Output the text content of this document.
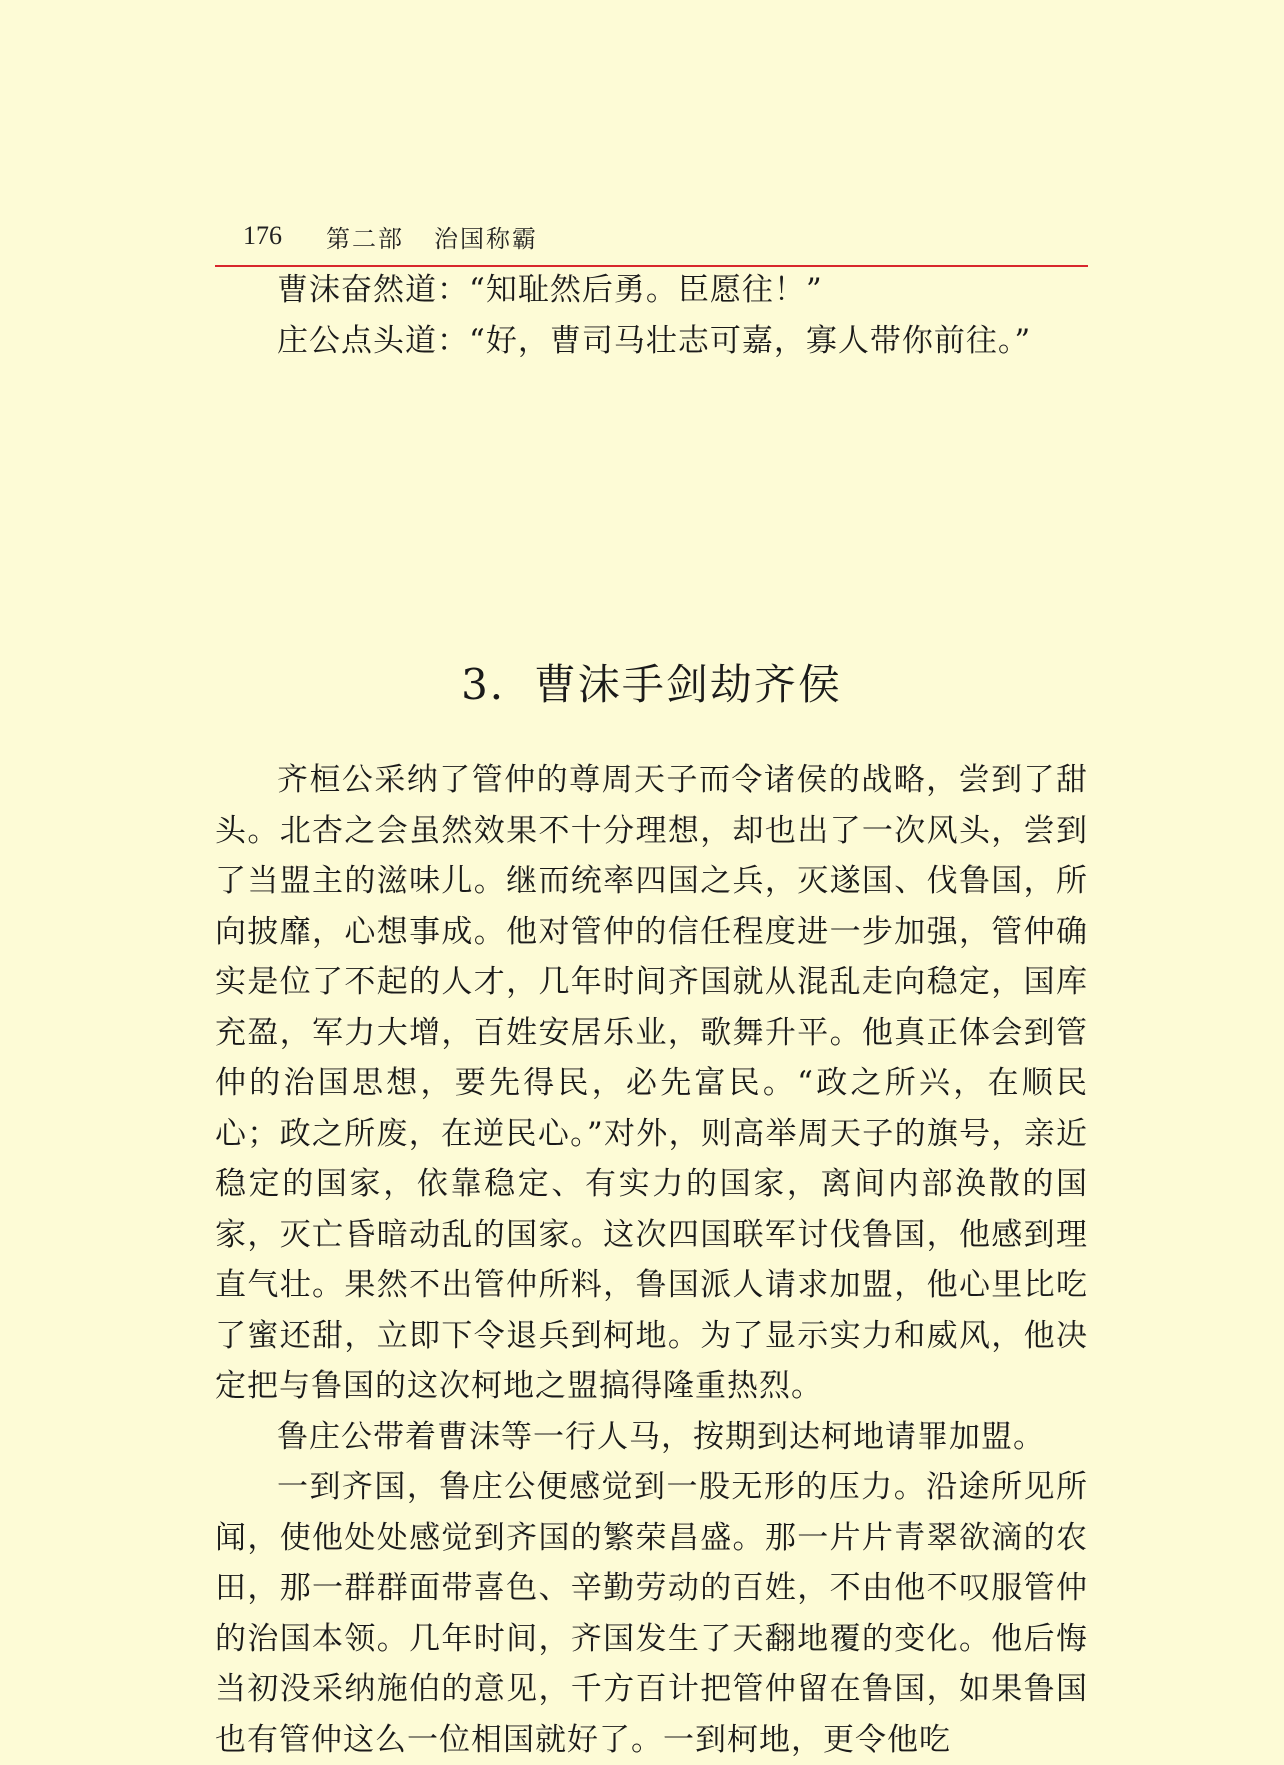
176 第二部 治国称霸

曹沫奋然道：“知耻然后勇。臣愿往！”

庄公点头道：“好，曹司马壮志可嘉，寡人带你前往。”

3．曹沫手剑劫齐侯

齐桓公采纳了管仲的尊周天子而令诸侯的战略，尝到了甜头。北杏之会虽然效果不十分理想，却也出了一次风头，尝到了当盟主的滋味儿。继而统率四国之兵，灭遂国、伐鲁国，所向披靡，心想事成。他对管仲的信任程度进一步加强，管仲确实是位了不起的人才，几年时间齐国就从混乱走向稳定，国库充盈，军力大增，百姓安居乐业，歌舞升平。他真正体会到管仲的治国思想，要先得民，必先富民。“政之所兴，在顺民心；政之所废，在逆民心。”对外，则高举周天子的旗号，亲近稳定的国家，依靠稳定、有实力的国家，离间内部涣散的国家，灭亡昏暗动乱的国家。这次四国联军讨伐鲁国，他感到理直气壮。果然不出管仲所料，鲁国派人请求加盟，他心里比吃了蜜还甜，立即下令退兵到柯地。为了显示实力和威风，他决定把与鲁国的这次柯地之盟搞得隆重热烈。

鲁庄公带着曹沫等一行人马，按期到达柯地请罪加盟。

一到齐国，鲁庄公便感觉到一股无形的压力。沿途所见所闻，使他处处感觉到齐国的繁荣昌盛。那一片片青翠欲滴的农田，那一群群面带喜色、辛勤劳动的百姓，不由他不叹服管仲的治国本领。几年时间，齐国发生了天翻地覆的变化。他后悔当初没采纳施伯的意见，千方百计把管仲留在鲁国，如果鲁国也有管仲这么一位相国就好了。一到柯地，更令他吃
